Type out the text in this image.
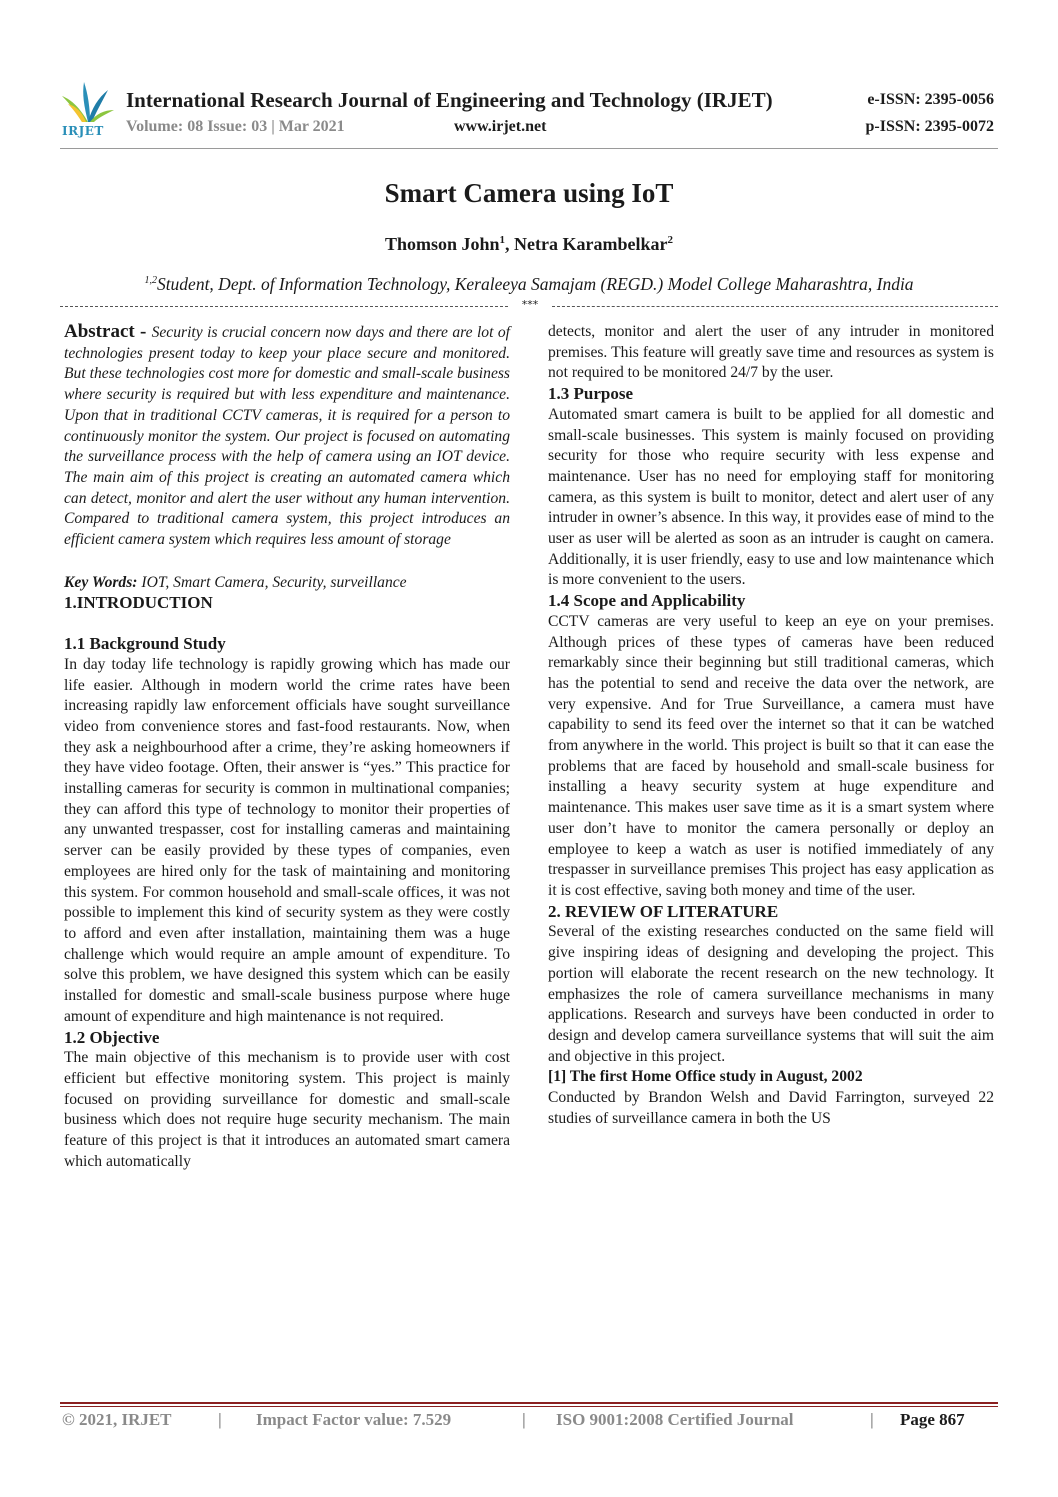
IRJET
International Research Journal of Engineering and Technology (IRJET)
Volume: 08 Issue: 03 | Mar 2021	www.irjet.net
e-ISSN: 2395-0056
p-ISSN: 2395-0072
Smart Camera using IoT
Thomson John$^1$, Netra Karambelkar$^2$
$^{1,2}$Student, Dept. of Information Technology, Keraleeya Samajam (REGD.) Model College Maharashtra, India
***

Abstract - Security is crucial concern now days and there are lot of technologies present today to keep your place secure and monitored. But these technologies cost more for domestic and small-scale business where security is required but with less expenditure and maintenance. Upon that in traditional CCTV cameras, it is required for a person to continuously monitor the system. Our project is focused on automating the surveillance process with the help of camera using an IOT device. The main aim of this project is creating an automated camera which can detect, monitor and alert the user without any human intervention. Compared to traditional camera system, this project introduces an efficient camera system which requires less amount of storage

Key Words: IOT, Smart Camera, Security, surveillance

1.INTRODUCTION

1.1 Background Study

In day today life technology is rapidly growing which has made our life easier. Although in modern world the crime rates have been increasing rapidly law enforcement officials have sought surveillance video from convenience stores and fast-food restaurants. Now, when they ask a neighbourhood after a crime, they’re asking homeowners if they have video footage. Often, their answer is “yes.” This practice for installing cameras for security is common in multinational companies; they can afford this type of technology to monitor their properties of any unwanted trespasser, cost for installing cameras and maintaining server can be easily provided by these types of companies, even employees are hired only for the task of maintaining and monitoring this system. For common household and small-scale offices, it was not possible to implement this kind of security system as they were costly to afford and even after installation, maintaining them was a huge challenge which would require an ample amount of expenditure. To solve this problem, we have designed this system which can be easily installed for domestic and small-scale business purpose where huge amount of expenditure and high maintenance is not required.

1.2 Objective

The main objective of this mechanism is to provide user with cost efficient but effective monitoring system. This project is mainly focused on providing surveillance for domestic and small-scale business which does not require huge security mechanism. The main feature of this project is that it introduces an automated smart camera which automatically

detects, monitor and alert the user of any intruder in monitored premises. This feature will greatly save time and resources as system is not required to be monitored 24/7 by the user.

1.3 Purpose

Automated smart camera is built to be applied for all domestic and small-scale businesses. This system is mainly focused on providing security for those who require security with less expense and maintenance. User has no need for employing staff for monitoring camera, as this system is built to monitor, detect and alert user of any intruder in owner’s absence. In this way, it provides ease of mind to the user as user will be alerted as soon as an intruder is caught on camera. Additionally, it is user friendly, easy to use and low maintenance which is more convenient to the users.

1.4 Scope and Applicability

CCTV cameras are very useful to keep an eye on your premises. Although prices of these types of cameras have been reduced remarkably since their beginning but still traditional cameras, which has the potential to send and receive the data over the network, are very expensive. And for True Surveillance, a camera must have capability to send its feed over the internet so that it can be watched from anywhere in the world. This project is built so that it can ease the problems that are faced by household and small-scale business for installing a heavy security system at huge expenditure and maintenance. This makes user save time as it is a smart system where user don’t have to monitor the camera personally or deploy an employee to keep a watch as user is notified immediately of any trespasser in surveillance premises This project has easy application as it is cost effective, saving both money and time of the user.

2. REVIEW OF LITERATURE

Several of the existing researches conducted on the same field will give inspiring ideas of designing and developing the project. This portion will elaborate the recent research on the new technology. It emphasizes the role of camera surveillance mechanisms in many applications. Research and surveys have been conducted in order to design and develop camera surveillance systems that will suit the aim and objective in this project.

[1] The first Home Office study in August, 2002

Conducted by Brandon Welsh and David Farrington, surveyed 22 studies of surveillance camera in both the US

© 2021, IRJET	| Impact Factor value: 7.529	| ISO 9001:2008 Certified Journal	| Page 867
